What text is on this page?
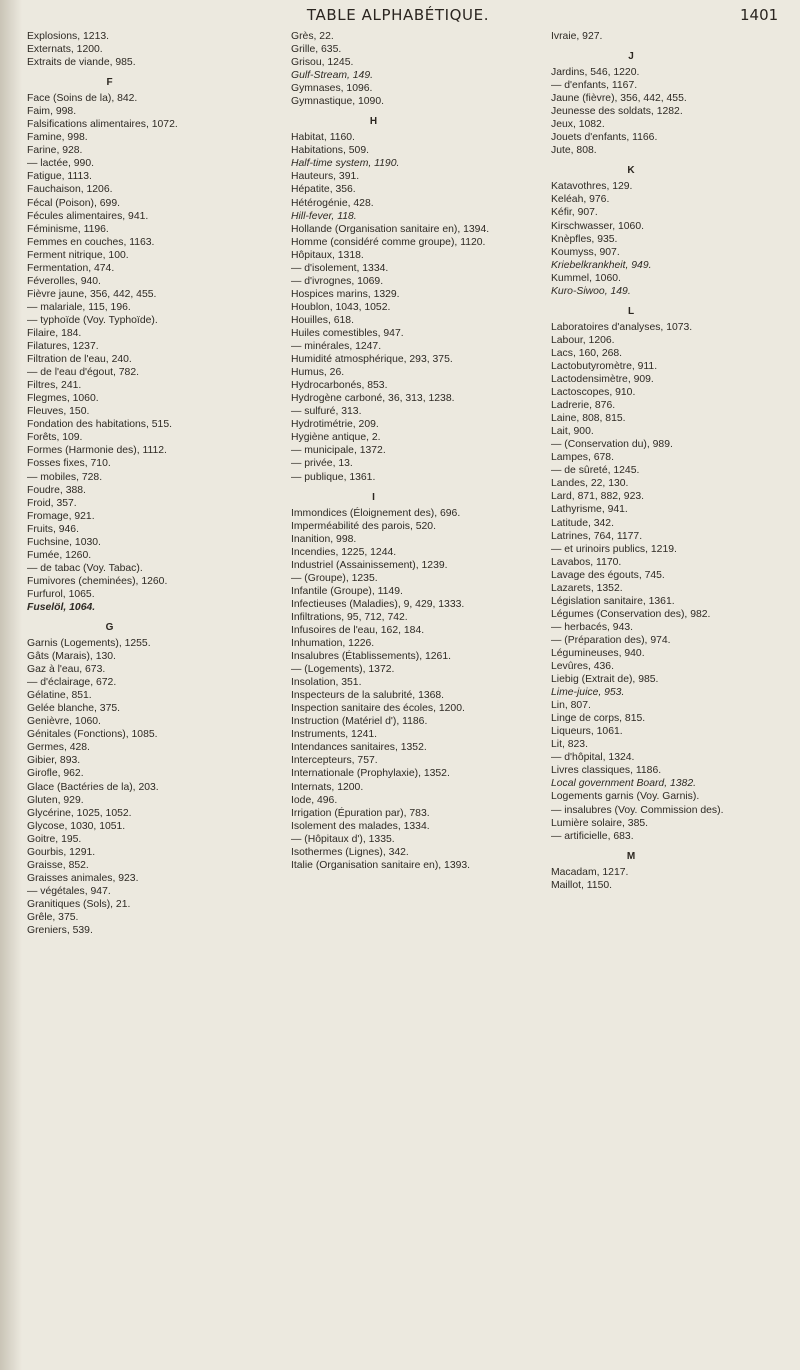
TABLE ALPHABÉTIQUE.	1401
Explosions, 1213.
Externats, 1200.
Extraits de viande, 985.
F
Face (Soins de la), 842.
Faim, 998.
Falsifications alimentaires, 1072.
Famine, 998.
Farine, 928.
— lactée, 990.
Fatigue, 1113.
Fauchaison, 1206.
Fécal (Poison), 699.
Fécules alimentaires, 941.
Féminisme, 1196.
Femmes en couches, 1163.
Ferment nitrique, 100.
Fermentation, 474.
Féverolles, 940.
Fièvre jaune, 356, 442, 455.
— malariale, 115, 196.
— typhoïde (Voy. Typhoïde).
Filaire, 184.
Filatures, 1237.
Filtration de l'eau, 240.
— de l'eau d'égout, 782.
Filtres, 241.
Flegmes, 1060.
Fleuves, 150.
Fondation des habitations, 515.
Forêts, 109.
Formes (Harmonie des), 1112.
Fosses fixes, 710.
— mobiles, 728.
Foudre, 388.
Froid, 357.
Fromage, 921.
Fruits, 946.
Fuchsine, 1030.
Fumée, 1260.
— de tabac (Voy. Tabac).
Fumivores (cheminées), 1260.
Furfurol, 1065.
Fuselöl, 1064.
G
Garnis (Logements), 1255.
Gâts (Marais), 130.
Gaz à l'eau, 673.
— d'éclairage, 672.
Gélatine, 851.
Gelée blanche, 375.
Genièvre, 1060.
Génitales (Fonctions), 1085.
Germes, 428.
Gibier, 893.
Girofle, 962.
Glace (Bactéries de la), 203.
Gluten, 929.
Glycérine, 1025, 1052.
Glycose, 1030, 1051.
Goitre, 195.
Gourbis, 1291.
Graisse, 852.
Graisses animales, 923.
— végétales, 947.
Granitiques (Sols), 21.
Grêle, 375.
Greniers, 539.
Grès, 22.
Grille, 635.
Grisou, 1245.
Gulf-Stream, 149.
Gymnases, 1096.
Gymnastique, 1090.
H
Habitat, 1160.
Habitations, 509.
Half-time system, 1190.
Hauteurs, 391.
Hépatite, 356.
Hétérogénie, 428.
Hill-fever, 118.
Hollande (Organisation sanitaire en), 1394.
Homme (considéré comme groupe), 1120.
Hôpitaux, 1318.
— d'isolement, 1334.
— d'ivrognes, 1069.
Hospices marins, 1329.
Houblon, 1043, 1052.
Houilles, 618.
Huiles comestibles, 947.
— minérales, 1247.
Humidité atmosphérique, 293, 375.
Humus, 26.
Hydrocarbonés, 853.
Hydrogène carboné, 36, 313, 1238.
— sulfuré, 313.
Hydrotimétrie, 209.
Hygiène antique, 2.
— municipale, 1372.
— privée, 13.
— publique, 1361.
I
Immondices (Éloignement des), 696.
Imperméabilité des parois, 520.
Inanition, 998.
Incendies, 1225, 1244.
Industriel (Assainissement), 1239.
— (Groupe), 1235.
Infantile (Groupe), 1149.
Infectieuses (Maladies), 9, 429, 1333.
Infiltrations, 95, 712, 742.
Infusoires de l'eau, 162, 184.
Inhumation, 1226.
Insalubres (Établissements), 1261.
— (Logements), 1372.
Insolation, 351.
Inspecteurs de la salubrité, 1368.
Inspection sanitaire des écoles, 1200.
Instruction (Matériel d'), 1186.
Instruments, 1241.
Intendances sanitaires, 1352.
Intercepteurs, 757.
Internationale (Prophylaxie), 1352.
Internats, 1200.
Iode, 496.
Irrigation (Épuration par), 783.
Isolement des malades, 1334.
— (Hôpitaux d'), 1335.
Isothermes (Lignes), 342.
Italie (Organisation sanitaire en), 1393.
Ivraie, 927.
J
Jardins, 546, 1220.
— d'enfants, 1167.
Jaune (fièvre), 356, 442, 455.
Jeunesse des soldats, 1282.
Jeux, 1082.
Jouets d'enfants, 1166.
Jute, 808.
K
Katavothres, 129.
Keléah, 976.
Kéfir, 907.
Kirschwasser, 1060.
Knèpfles, 935.
Koumyss, 907.
Kriebelkrankheit, 949.
Kummel, 1060.
Kuro-Siwoo, 149.
L
Laboratoires d'analyses, 1073.
Labour, 1206.
Lacs, 160, 268.
Lactobutyromètre, 911.
Lactodensimètre, 909.
Lactoscopes, 910.
Ladrerie, 876.
Laine, 808, 815.
Lait, 900.
— (Conservation du), 989.
Lampes, 678.
— de sûreté, 1245.
Landes, 22, 130.
Lard, 871, 882, 923.
Lathyrisme, 941.
Latitude, 342.
Latrines, 764, 1177.
— et urinoirs publics, 1219.
Lavabos, 1170.
Lavage des égouts, 745.
Lazarets, 1352.
Législation sanitaire, 1361.
Légumes (Conservation des), 982.
— herbacés, 943.
— (Préparation des), 974.
Légumineuses, 940.
Levûres, 436.
Liebig (Extrait de), 985.
Lime-juice, 953.
Lin, 807.
Linge de corps, 815.
Liqueurs, 1061.
Lit, 823.
— d'hôpital, 1324.
Livres classiques, 1186.
Local government Board, 1382.
Logements garnis (Voy. Garnis).
— insalubres (Voy. Commission des).
Lumière solaire, 385.
— artificielle, 683.
M
Macadam, 1217.
Maillot, 1150.
